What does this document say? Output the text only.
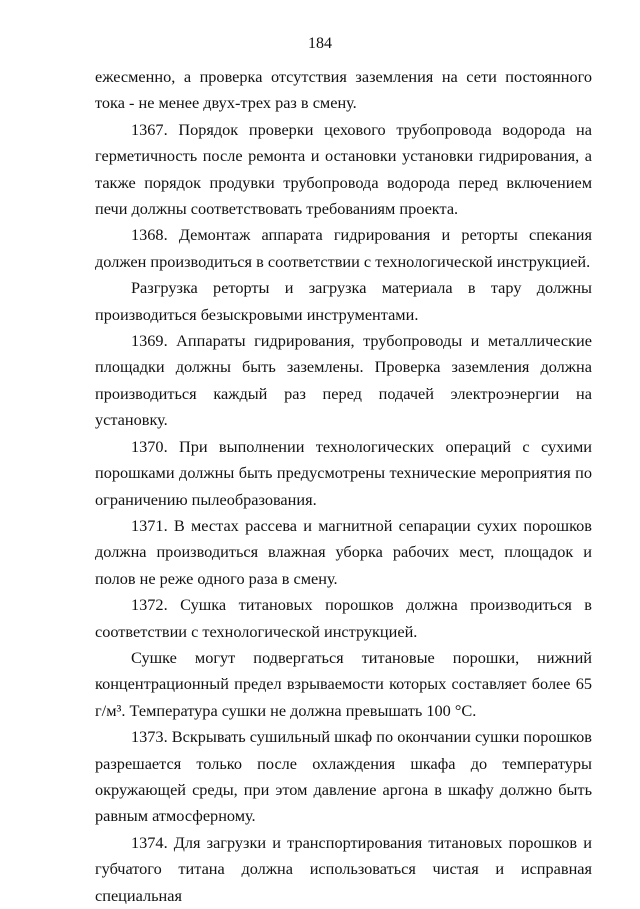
184

ежесменно, а проверка отсутствия заземления на сети постоянного тока - не менее двух-трех раз в смену.

1367. Порядок проверки цехового трубопровода водорода на герметичность после ремонта и остановки установки гидрирования, а также порядок продувки трубопровода водорода перед включением печи должны соответствовать требованиям проекта.

1368. Демонтаж аппарата гидрирования и реторты спекания должен производиться в соответствии с технологической инструкцией.

Разгрузка реторты и загрузка материала в тару должны производиться безыскровыми инструментами.

1369. Аппараты гидрирования, трубопроводы и металлические площадки должны быть заземлены. Проверка заземления должна производиться каждый раз перед подачей электроэнергии на установку.

1370. При выполнении технологических операций с сухими порошками должны быть предусмотрены технические мероприятия по ограничению пылеобразования.

1371. В местах рассева и магнитной сепарации сухих порошков должна производиться влажная уборка рабочих мест, площадок и полов не реже одного раза в смену.

1372. Сушка титановых порошков должна производиться в соответствии с технологической инструкцией.

Сушке могут подвергаться титановые порошки, нижний концентрационный предел взрываемости которых составляет более 65 г/м³. Температура сушки не должна превышать 100 °С.

1373. Вскрывать сушильный шкаф по окончании сушки порошков разрешается только после охлаждения шкафа до температуры окружающей среды, при этом давление аргона в шкафу должно быть равным атмосферному.

1374. Для загрузки и транспортирования титановых порошков и губчатого титана должна использоваться чистая и исправная специальная
